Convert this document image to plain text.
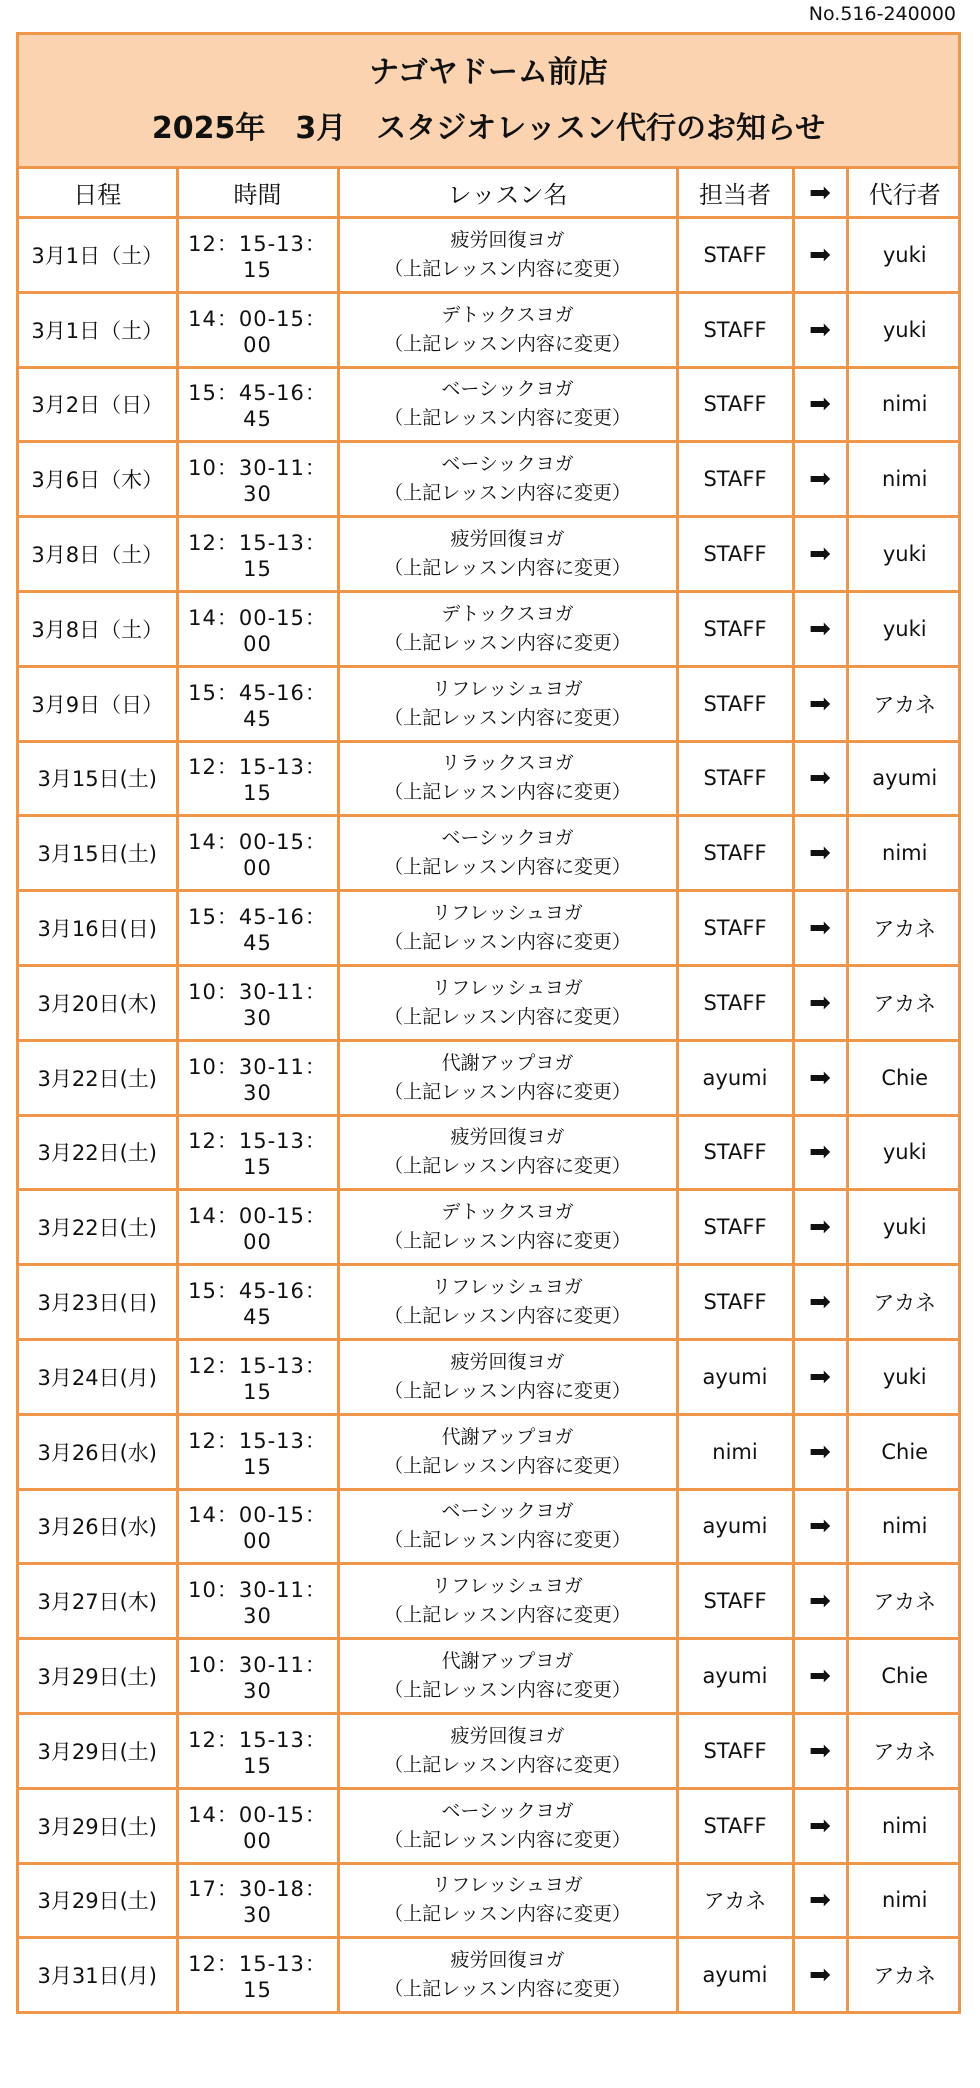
No.516-240000
ナゴヤドーム前店
2025年　3月　スタジオレッスン代行のお知らせ
日程	時間	レッスン名	担当者	➡	代行者
3月1日（土）	12：15-13：15	疲労回復ヨガ
（上記レッスン内容に変更）	STAFF	➡	yuki
3月1日（土）	14：00-15：00	デトックスヨガ
（上記レッスン内容に変更）	STAFF	➡	yuki
3月2日（日）	15：45-16：45	ベーシックヨガ
（上記レッスン内容に変更）	STAFF	➡	nimi
3月6日（木）	10：30-11：30	ベーシックヨガ
（上記レッスン内容に変更）	STAFF	➡	nimi
3月8日（土）	12：15-13：15	疲労回復ヨガ
（上記レッスン内容に変更）	STAFF	➡	yuki
3月8日（土）	14：00-15：00	デトックスヨガ
（上記レッスン内容に変更）	STAFF	➡	yuki
3月9日（日）	15：45-16：45	リフレッシュヨガ
（上記レッスン内容に変更）	STAFF	➡	アカネ
3月15日(土)	12：15-13：15	リラックスヨガ
（上記レッスン内容に変更）	STAFF	➡	ayumi
3月15日(土)	14：00-15：00	ベーシックヨガ
（上記レッスン内容に変更）	STAFF	➡	nimi
3月16日(日)	15：45-16：45	リフレッシュヨガ
（上記レッスン内容に変更）	STAFF	➡	アカネ
3月20日(木)	10：30-11：30	リフレッシュヨガ
（上記レッスン内容に変更）	STAFF	➡	アカネ
3月22日(土)	10：30-11：30	代謝アップヨガ
（上記レッスン内容に変更）	ayumi	➡	Chie
3月22日(土)	12：15-13：15	疲労回復ヨガ
（上記レッスン内容に変更）	STAFF	➡	yuki
3月22日(土)	14：00-15：00	デトックスヨガ
（上記レッスン内容に変更）	STAFF	➡	yuki
3月23日(日)	15：45-16：45	リフレッシュヨガ
（上記レッスン内容に変更）	STAFF	➡	アカネ
3月24日(月)	12：15-13：15	疲労回復ヨガ
（上記レッスン内容に変更）	ayumi	➡	yuki
3月26日(水)	12：15-13：15	代謝アップヨガ
（上記レッスン内容に変更）	nimi	➡	Chie
3月26日(水)	14：00-15：00	ベーシックヨガ
（上記レッスン内容に変更）	ayumi	➡	nimi
3月27日(木)	10：30-11：30	リフレッシュヨガ
（上記レッスン内容に変更）	STAFF	➡	アカネ
3月29日(土)	10：30-11：30	代謝アップヨガ
（上記レッスン内容に変更）	ayumi	➡	Chie
3月29日(土)	12：15-13：15	疲労回復ヨガ
（上記レッスン内容に変更）	STAFF	➡	アカネ
3月29日(土)	14：00-15：00	ベーシックヨガ
（上記レッスン内容に変更）	STAFF	➡	nimi
3月29日(土)	17：30-18：30	リフレッシュヨガ
（上記レッスン内容に変更）	アカネ	➡	nimi
3月31日(月)	12：15-13：15	疲労回復ヨガ
（上記レッスン内容に変更）	ayumi	➡	アカネ
